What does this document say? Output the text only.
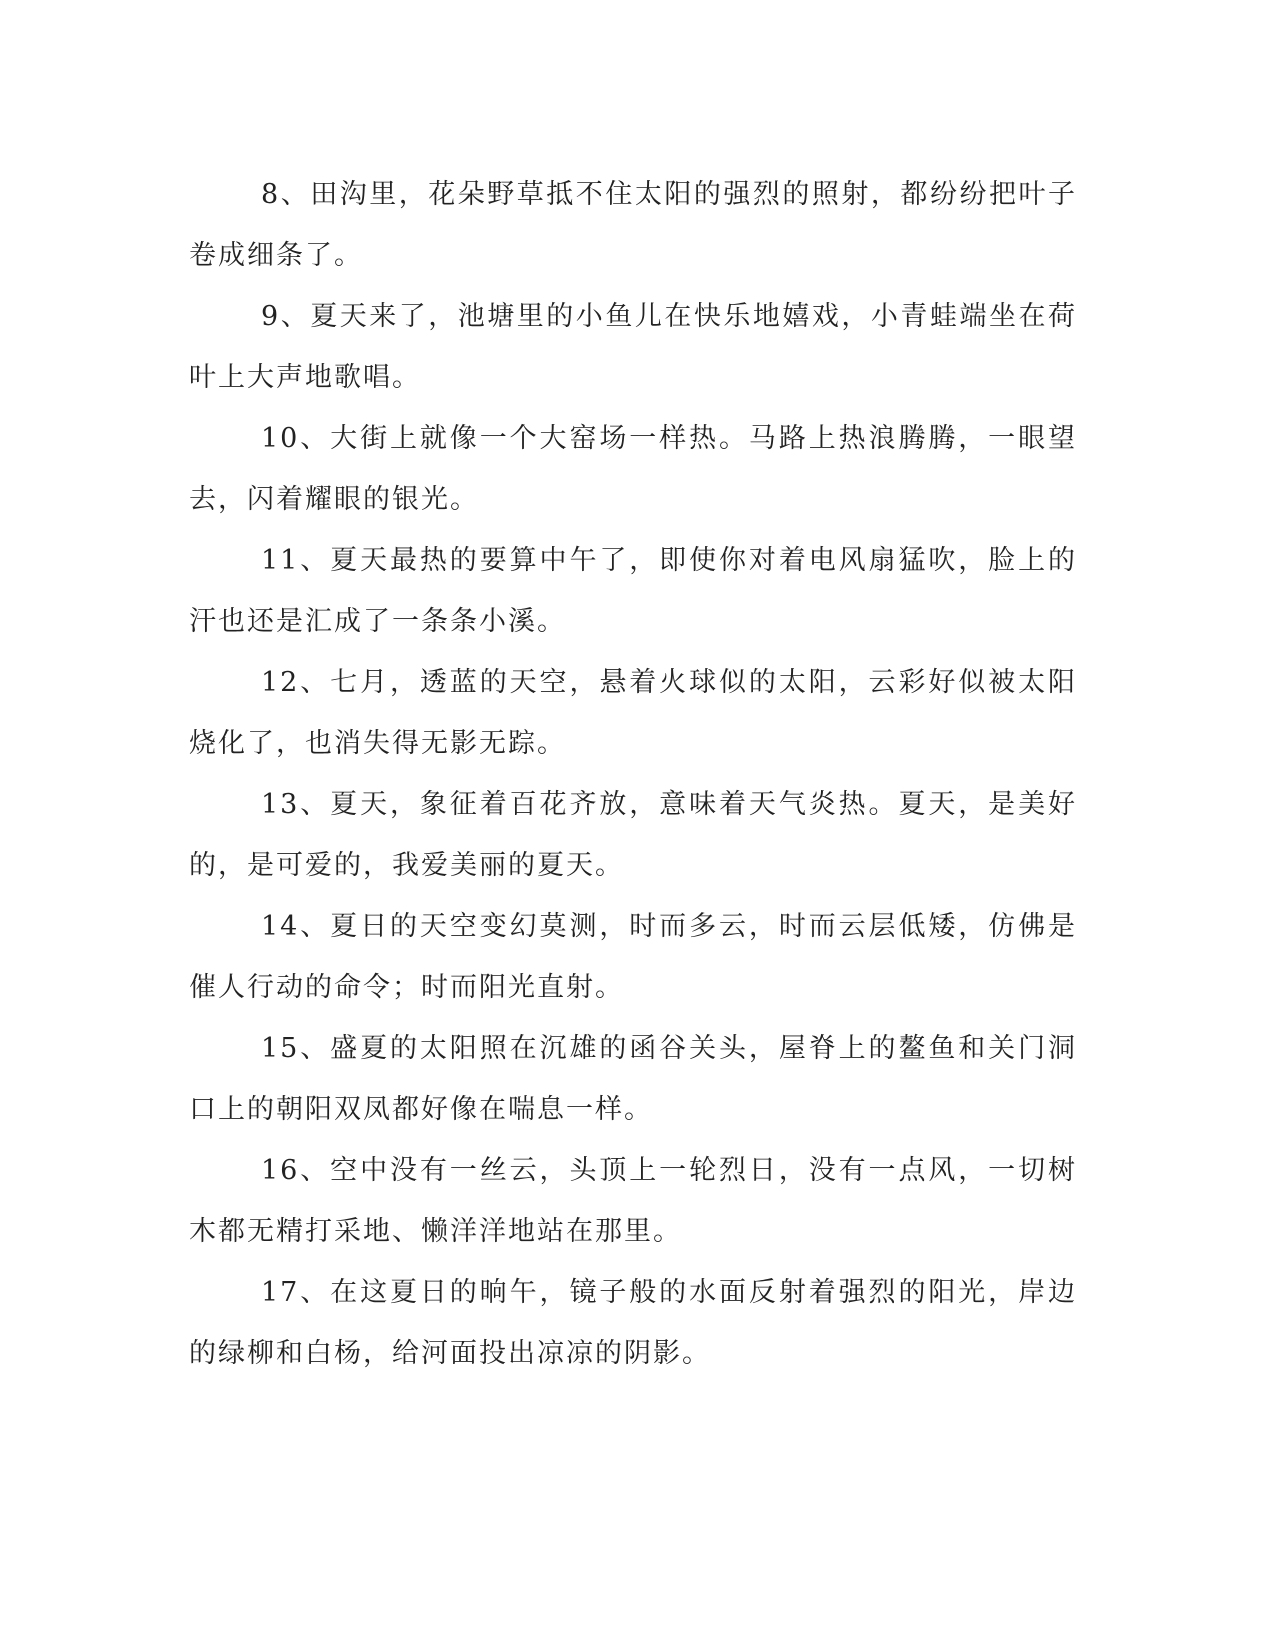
8、田沟里，花朵野草抵不住太阳的强烈的照射，都纷纷把叶子卷成细条了。

9、夏天来了，池塘里的小鱼儿在快乐地嬉戏，小青蛙端坐在荷叶上大声地歌唱。

10、大街上就像一个大窑场一样热。马路上热浪腾腾，一眼望去，闪着耀眼的银光。

11、夏天最热的要算中午了，即使你对着电风扇猛吹，脸上的汗也还是汇成了一条条小溪。

12、七月，透蓝的天空，悬着火球似的太阳，云彩好似被太阳烧化了，也消失得无影无踪。

13、夏天，象征着百花齐放，意味着天气炎热。夏天，是美好的，是可爱的，我爱美丽的夏天。

14、夏日的天空变幻莫测，时而多云，时而云层低矮，仿佛是催人行动的命令；时而阳光直射。

15、盛夏的太阳照在沉雄的函谷关头，屋脊上的鳌鱼和关门洞口上的朝阳双凤都好像在喘息一样。

16、空中没有一丝云，头顶上一轮烈日，没有一点风，一切树木都无精打采地、懒洋洋地站在那里。

17、在这夏日的晌午，镜子般的水面反射着强烈的阳光，岸边的绿柳和白杨，给河面投出凉凉的阴影。
